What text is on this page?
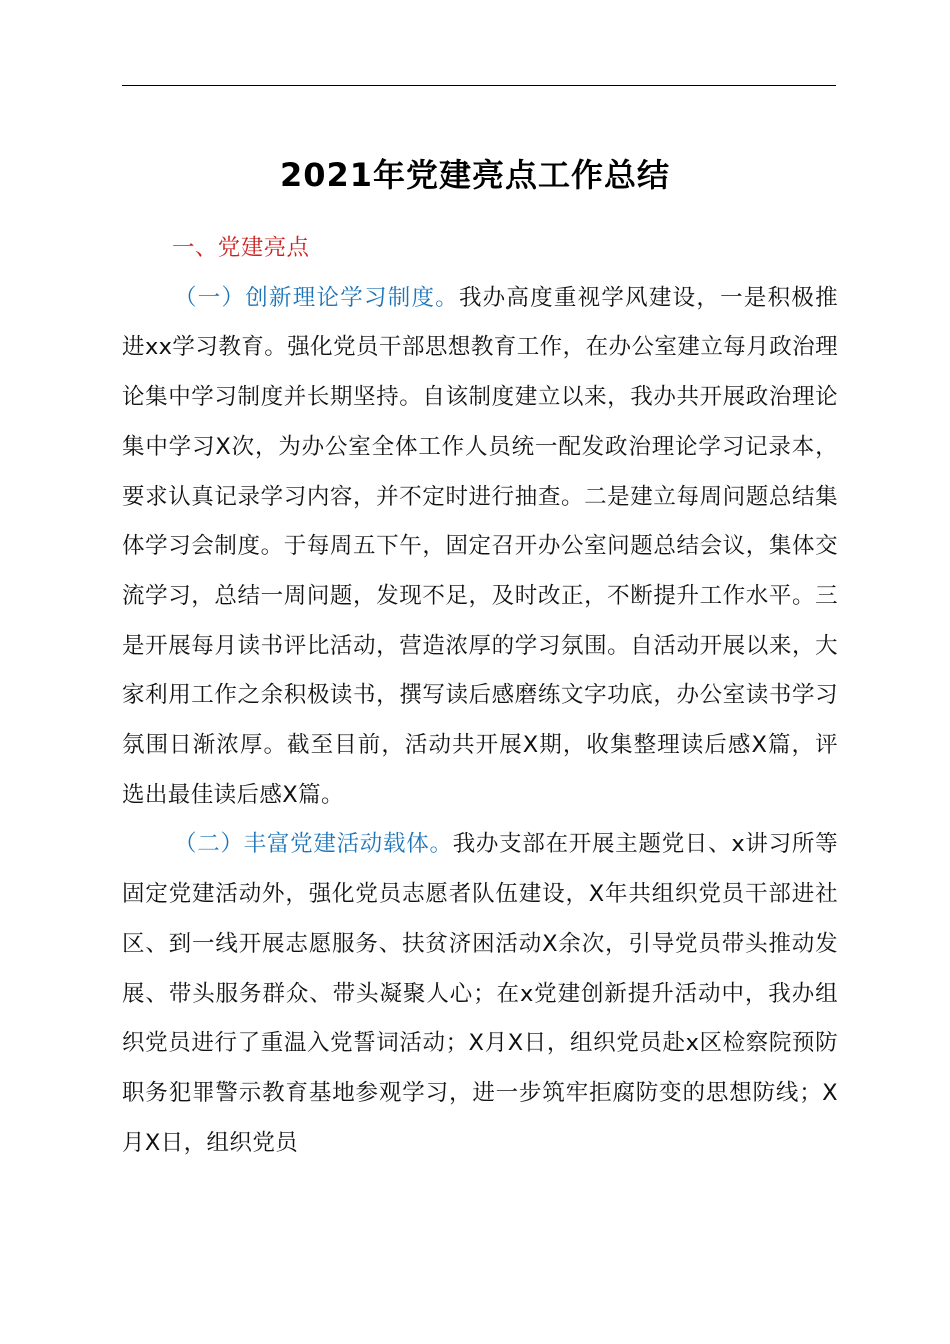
2021年党建亮点工作总结

一、党建亮点

（一）创新理论学习制度。我办高度重视学风建设，一是积极推进xx学习教育。强化党员干部思想教育工作，在办公室建立每月政治理论集中学习制度并长期坚持。自该制度建立以来，我办共开展政治理论集中学习X次，为办公室全体工作人员统一配发政治理论学习记录本，要求认真记录学习内容，并不定时进行抽查。二是建立每周问题总结集体学习会制度。于每周五下午，固定召开办公室问题总结会议，集体交流学习，总结一周问题，发现不足，及时改正，不断提升工作水平。三是开展每月读书评比活动，营造浓厚的学习氛围。自活动开展以来，大家利用工作之余积极读书，撰写读后感磨练文字功底，办公室读书学习氛围日渐浓厚。截至目前，活动共开展X期，收集整理读后感X篇，评选出最佳读后感X篇。

（二）丰富党建活动载体。我办支部在开展主题党日、x讲习所等固定党建活动外，强化党员志愿者队伍建设，X年共组织党员干部进社区、到一线开展志愿服务、扶贫济困活动X余次，引导党员带头推动发展、带头服务群众、带头凝聚人心；在x党建创新提升活动中，我办组织党员进行了重温入党誓词活动；X月X日，组织党员赴x区检察院预防职务犯罪警示教育基地参观学习，进一步筑牢拒腐防变的思想防线；X月X日，组织党员
